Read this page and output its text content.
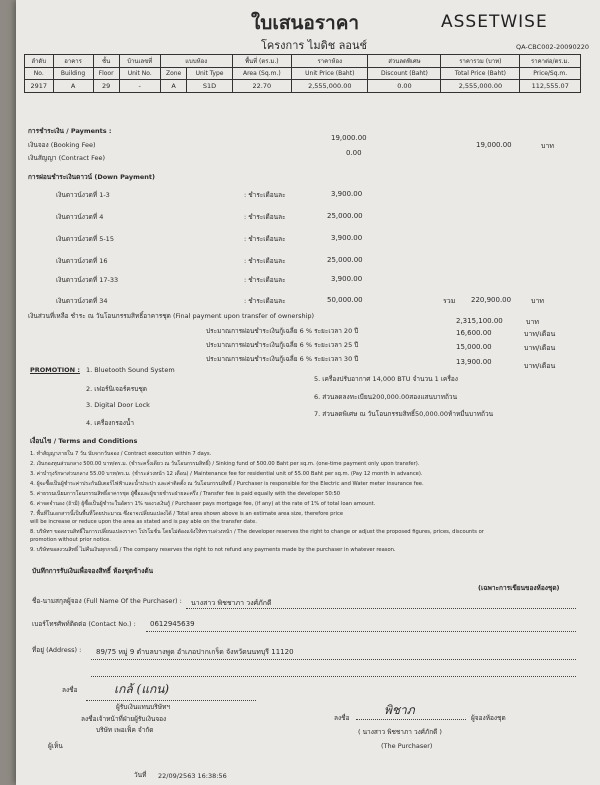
ใบเสนอราคา	ASSETWISE
โครงการ ไมดิช ลอนช์	QA-CBC002-20090220
ลำดับ	อาคาร	ชั้น	บ้านเลขที่	แบบห้อง		พื้นที่ (ตร.ม.)	ราคาห้อง	ส่วนลดพิเศษ	ราคารวม (บาท)	ราคาต่อ/ตร.ม.
No.	Building	Floor	Unit No.	Zone	Unit Type	Area (Sq.m.)	Unit Price (Baht)	Discount (Baht)	Total Price (Baht)	Price/Sq.m.
2917	A	29	-	A	S1D	22.70	2,555,000.00	0.00	2,555,000.00	112,555.07
การชำระเงิน / Payments :
เงินจอง (Booking Fee)
19,000.00
เงินสัญญา (Contract Fee)
0.00
19,000.00	บาท
การผ่อนชำระเงินดาวน์ (Down Payment)
เงินดาวน์งวดที่ 1-3	: ชำระเดือนละ	3,900.00
เงินดาวน์งวดที่ 4	: ชำระเดือนละ	25,000.00
เงินดาวน์งวดที่ 5-15	: ชำระเดือนละ	3,900.00
เงินดาวน์งวดที่ 16	: ชำระเดือนละ	25,000.00
เงินดาวน์งวดที่ 17-33	: ชำระเดือนละ	3,900.00
เงินดาวน์งวดที่ 34	: ชำระเดือนละ	50,000.00	รวม 220,900.00	บาท
เงินส่วนที่เหลือ ชำระ ณ วันโอนกรรมสิทธิ์อาคารชุด (Final payment upon transfer of ownership)
2,315,100.00	บาท
ประมาณการผ่อนชำระเงินกู้เฉลี่ย 6 % ระยะเวลา 20 ปี	16,600.00	บาท/เดือน
ประมาณการผ่อนชำระเงินกู้เฉลี่ย 6 % ระยะเวลา 25 ปี	15,000.00	บาท/เดือน
ประมาณการผ่อนชำระเงินกู้เฉลี่ย 6 % ระยะเวลา 30 ปี	13,900.00	บาท/เดือน
PROMOTION : 1. Bluetooth Sound System
2. เฟอร์นิเจอร์ครบชุด
3. Digital Door Lock
4. เครื่องกรองน้ำ
5. เครื่องปรับอากาศ 14,000 BTU จำนวน 1 เครื่อง
6. ส่วนลดลงทะเบียน200,000.00สองแสนบาทถ้วน
7. ส่วนลดพิเศษ ณ วันโอนกรรมสิทธิ์50,000.00ห้าหมื่นบาทถ้วน
เงื่อนไข / Terms and Conditions
1. ทำสัญญาภายใน 7 วัน นับจากวันจอง / Contract execution within 7 days.
2. เงินกองทุนส่วนกลาง 500.00 บาท/ตร.ม. (ชำระครั้งเดียว ณ วันโอนกรรมสิทธิ์) / Sinking fund of 500.00 Baht per sq.m. (one-time payment only upon transfer).
3. ค่าบำรุงรักษาส่วนกลาง 55.00 บาท/ตร.ม. (ชำระล่วงหน้า 12 เดือน) / Maintenance fee for residential unit of 55.00 Baht per sq.m. (Pay 12 month in advance).
4. ผู้จะซื้อเป็นผู้ชำระค่าประกันมิเตอร์ไฟฟ้าและน้ำประปา และค่าติดตั้ง ณ วันโอนกรรมสิทธิ์ / Purchaser is responsible for the Electric and Water meter insurance fee.
5. ค่าธรรมเนียมการโอนกรรมสิทธิ์อาคารชุด ผู้ซื้อและผู้ขายชำระฝ่ายละครึ่ง / Transfer fee is paid equally with the developer 50:50
6. ค่าจดจำนอง (ถ้ามี) ผู้ซื้อเป็นผู้ชำระในอัตรา 1% ของวงเงินกู้ / Purchaser pays mortgage fee, (if any) at the rate of 1% of total loan amount.
7. พื้นที่ในเอกสารนี้เป็นพื้นที่โดยประมาณ ซึ่งอาจเปลี่ยนแปลงได้ / Total area shown above is an estimate area size, therefore price
will be increase or reduce upon the area as stated and is pay able on the transfer date.
8. บริษัทฯ ขอสงวนสิทธิ์ในการเปลี่ยนแปลงราคา โปรโมชั่น โดยไม่ต้องแจ้งให้ทราบล่วงหน้า / The developer reserves the right to change or adjust the proposed figures, prices, discounts or
promotion without prior notice.
9. บริษัทขอสงวนสิทธิ์ ไม่คืนเงินทุกกรณี / The company reserves the right to not refund any payments made by the purchaser in whatever reason.
บันทึกการรับเงินเพื่อจองสิทธิ์ ห้องชุดข้างต้น
(เฉพาะการเขียนของห้องชุด)
ชื่อ-นามสกุลผู้จอง (Full Name Of the Purchaser) : นางสาว พิชชาภา วงศ์ภักดี
เบอร์โทรศัพท์ติดต่อ (Contact No.) : 0612945639
ที่อยู่ (Address) : 89/75 หมู่ 9 ตำบลบางพูด อำเภอปากเกร็ด จังหวัดนนทบุรี 11120
ลงชื่อ	เกล้ (แกน)
ผู้รับเงินแทนบริษัทฯ
ลงชื่อเจ้าหน้าที่ฝ่ายผู้รับเงินจอง
บริษัท เพอเฟ็ค จำกัด
ลงชื่อ
พิชาภ
ผู้จองห้องชุด
( นางสาว พิชชาภา วงศ์ภักดี )
(The Purchaser)
ผู้เห็น
วันที่ 22/09/2563 16:38:56
